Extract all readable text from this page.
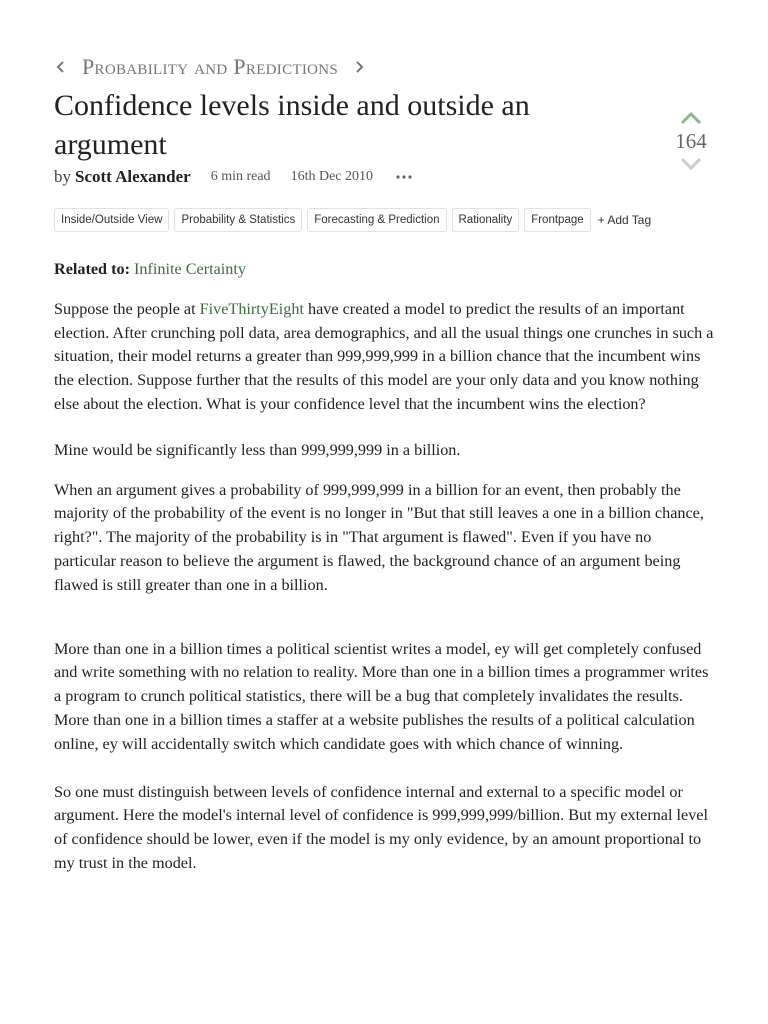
Probability and Predictions
Confidence levels inside and outside an argument	164
by Scott Alexander 6 min read 16th Dec 2010
Inside/Outside View	Probability & Statistics	Forecasting & Prediction	Rationality	Frontpage	+ Add Tag

Related to: Infinite Certainty

Suppose the people at FiveThirtyEight have created a model to predict the results of an important election. After crunching poll data, area demographics, and all the usual things one crunches in such a situation, their model returns a greater than 999,999,999 in a billion chance that the incumbent wins the election. Suppose further that the results of this model are your only data and you know nothing else about the election. What is your confidence level that the incumbent wins the election?

Mine would be significantly less than 999,999,999 in a billion.

When an argument gives a probability of 999,999,999 in a billion for an event, then probably the majority of the probability of the event is no longer in "But that still leaves a one in a billion chance, right?". The majority of the probability is in "That argument is flawed". Even if you have no particular reason to believe the argument is flawed, the background chance of an argument being flawed is still greater than one in a billion.

More than one in a billion times a political scientist writes a model, ey will get completely confused and write something with no relation to reality. More than one in a billion times a programmer writes a program to crunch political statistics, there will be a bug that completely invalidates the results. More than one in a billion times a staffer at a website publishes the results of a political calculation online, ey will accidentally switch which candidate goes with which chance of winning.

So one must distinguish between levels of confidence internal and external to a specific model or argument. Here the model's internal level of confidence is 999,999,999/billion. But my external level of confidence should be lower, even if the model is my only evidence, by an amount proportional to my trust in the model.
